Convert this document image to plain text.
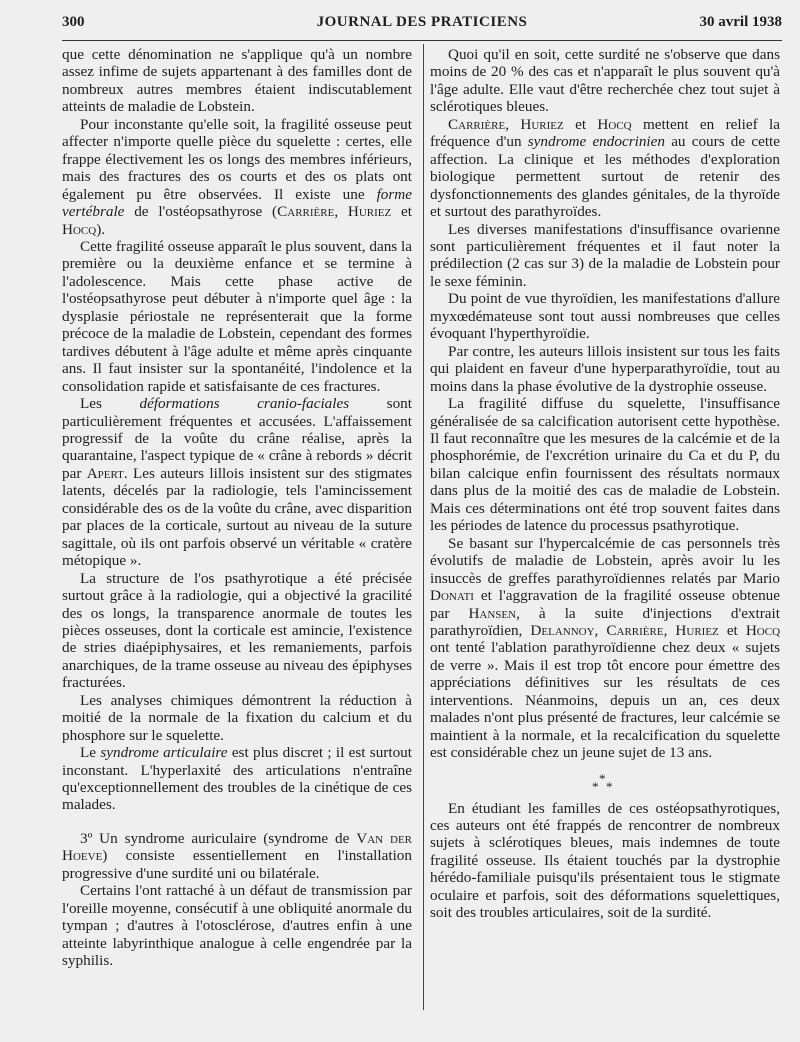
300	JOURNAL DES PRATICIENS	30 avril 1938

que cette dénomination ne s'applique qu'à un nombre assez infime de sujets appartenant à des familles dont de nombreux autres membres étaient indiscutablement atteints de maladie de Lobstein.

Pour inconstante qu'elle soit, la fragilité osseuse peut affecter n'importe quelle pièce du squelette : certes, elle frappe électivement les os longs des membres inférieurs, mais des fractures des os courts et des os plats ont également pu être observées. Il existe une forme vertébrale de l'ostéopsathyrose (Carrière, Huriez et Hocq).

Cette fragilité osseuse apparaît le plus souvent, dans la première ou la deuxième enfance et se termine à l'adolescence. Mais cette phase active de l'ostéopsathyrose peut débuter à n'importe quel âge : la dysplasie périostale ne représenterait que la forme précoce de la maladie de Lobstein, cependant des formes tardives débutent à l'âge adulte et même après cinquante ans. Il faut insister sur la spontanéité, l'indolence et la consolidation rapide et satisfaisante de ces fractures.

Les déformations cranio-faciales sont particulièrement fréquentes et accusées. L'affaissement progressif de la voûte du crâne réalise, après la quarantaine, l'aspect typique de « crâne à rebords » décrit par Apert. Les auteurs lillois insistent sur des stigmates latents, décelés par la radiologie, tels l'amincissement considérable des os de la voûte du crâne, avec disparition par places de la corticale, surtout au niveau de la suture sagittale, où ils ont parfois observé un véritable « cratère métopique ».

La structure de l'os psathyrotique a été précisée surtout grâce à la radiologie, qui a objectivé la gracilité des os longs, la transparence anormale de toutes les pièces osseuses, dont la corticale est amincie, l'existence de stries diaépiphysaires, et les remaniements, parfois anarchiques, de la trame osseuse au niveau des épiphyses fracturées.

Les analyses chimiques démontrent la réduction à moitié de la normale de la fixation du calcium et du phosphore sur le squelette.

Le syndrome articulaire est plus discret ; il est surtout inconstant. L'hyperlaxité des articulations n'entraîne qu'exceptionnellement des troubles de la cinétique de ces malades.

3º Un syndrome auriculaire (syndrome de Van der Hoeve) consiste essentiellement en l'installation progressive d'une surdité uni ou bilatérale.

Certains l'ont rattaché à un défaut de transmission par l'oreille moyenne, consécutif à une obliquité anormale du tympan ; d'autres à l'otosclérose, d'autres enfin à une atteinte labyrinthique analogue à celle engendrée par la syphilis.

Quoi qu'il en soit, cette surdité ne s'observe que dans moins de 20 % des cas et n'apparaît le plus souvent qu'à l'âge adulte. Elle vaut d'être recherchée chez tout sujet à sclérotiques bleues.

Carrière, Huriez et Hocq mettent en relief la fréquence d'un syndrome endocrinien au cours de cette affection. La clinique et les méthodes d'exploration biologique permettent surtout de retenir des dysfonctionnements des glandes génitales, de la thyroïde et surtout des parathyroïdes.

Les diverses manifestations d'insuffisance ovarienne sont particulièrement fréquentes et il faut noter la prédilection (2 cas sur 3) de la maladie de Lobstein pour le sexe féminin.

Du point de vue thyroïdien, les manifestations d'allure myxœdémateuse sont tout aussi nombreuses que celles évoquant l'hyperthyroïdie.

Par contre, les auteurs lillois insistent sur tous les faits qui plaident en faveur d'une hyperparathyroïdie, tout au moins dans la phase évolutive de la dystrophie osseuse.

La fragilité diffuse du squelette, l'insuffisance généralisée de sa calcification autorisent cette hypothèse. Il faut reconnaître que les mesures de la calcémie et de la phosphorémie, de l'excrétion urinaire du Ca et du P, du bilan calcique enfin fournissent des résultats normaux dans plus de la moitié des cas de maladie de Lobstein. Mais ces déterminations ont été trop souvent faites dans les périodes de latence du processus psathyrotique.

Se basant sur l'hypercalcémie de cas personnels très évolutifs de maladie de Lobstein, après avoir lu les insuccès de greffes parathyroïdiennes relatés par Mario Donati et l'aggravation de la fragilité osseuse obtenue par Hansen, à la suite d'injections d'extrait parathyroïdien, Delannoy, Carrière, Huriez et Hocq ont tenté l'ablation parathyroïdienne chez deux « sujets de verre ». Mais il est trop tôt encore pour émettre des appréciations définitives sur les résultats de ces interventions. Néanmoins, depuis un an, ces deux malades n'ont plus présenté de fractures, leur calcémie se maintient à la normale, et la recalcification du squelette est considérable chez un jeune sujet de 13 ans.

*
* *

En étudiant les familles de ces ostéopsathyrotiques, ces auteurs ont été frappés de rencontrer de nombreux sujets à sclérotiques bleues, mais indemnes de toute fragilité osseuse. Ils étaient touchés par la dystrophie hérédo-familiale puisqu'ils présentaient tous le stigmate oculaire et parfois, soit des déformations squelettiques, soit des troubles articulaires, soit de la surdité.
